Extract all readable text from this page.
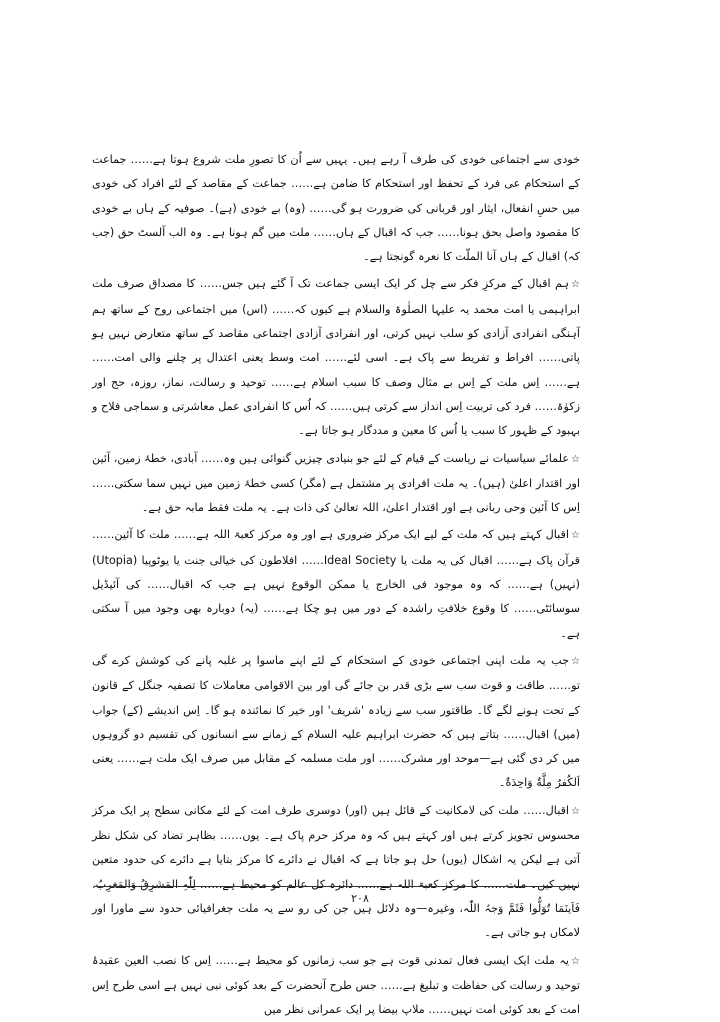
خودی سے اجتماعی خودی کی طرف آ رہے ہیں۔ یہیں سے اُن کا تصورِ ملت شروع ہوتا ہے…… جماعت کے استحکام عی فرد کے تحفظ اور استحکام کا ضامن ہے…… جماعت کے مقاصد کے لئے افراد کی خودی میں حسِ انفعال، ایثار اور قربانی کی ضرورت ہو گی…… (وہ) بے خودی (ہے)۔ صوفیہ کے ہاں بے خودی کا مقصود واصل بحق ہونا…… جب کہ اقبال کے ہاں…… ملت میں گم ہونا ہے۔ وہ الب آلسٹ حق (جب کہ) اقبال کے ہاں آنا الملّت کا نعرہ گونجتا ہے۔

☆ہم اقبال کے مرکزِ فکر سے چل کر ایک ایسی جماعت تک آ گئے ہیں جس…… کا مصداق صرف ملت ابراہیمی یا امت محمد یہ علیہا الصلٰوۃ والسلام ہے کیوں کہ…… (اس) میں اجتماعی روح کے ساتھ ہم آہنگی انفرادی آزادی کو سلب نہیں کرتی، اور انفرادی آزادی اجتماعی مقاصد کے ساتھ متعارض نہیں ہو پاتی…… افراط و تفریط سے پاک ہے۔ اسی لئے…… امت وسط یعنی اعتدال پر چلنے والی امت…… ہے…… اِس ملت کے اِس بے مثال وصف کا سبب اسلام ہے…… توحید و رسالت، نماز، روزہ، حج اور زکوٰۃ…… فرد کی تربیت اِس انداز سے کرتی ہیں…… کہ اُس کا انفرادی عمل معاشرتی و سماجی فلاح و بہبود کے ظہور کا سبب یا اُس کا معین و مددگار ہو جاتا ہے۔

☆علمائے سیاسیات نے ریاست کے قیام کے لئے جو بنیادی چیزیں گنوائی ہیں وہ…… آبادی، خطۂ زمین، آئین اور اقتدار اعلیٰ (ہیں)۔ یہ ملت افرادی پر مشتمل ہے (مگر) کسی خطۂ زمین میں نہیں سما سکتی…… اِس کا آئین وحی ربانی ہے اور اقتدار اعلیٰ، اللہ تعالیٰ کی ذات ہے۔ یہ ملت فقط مابہ حق ہے۔

☆اقبال کہتے ہیں کہ ملت کے لیے ایک مرکز ضروری ہے اور وہ مرکز کعبۃ اللہ ہے…… ملت کا آئین…… قرآن پاک ہے…… اقبال کی یہ ملت یا Ideal Society…… افلاطون کی خیالی جنت یا یوٹوپیا (Utopia) (نہیں) ہے…… کہ وہ موجود فی الخارج یا ممکن الوقوع نہیں ہے جب کہ اقبال…… کی آئیڈیل سوسائٹی…… کا وقوع خلافتِ راشدہ کے دور میں ہو چکا ہے…… (یہ) دوبارہ بھی وجود میں آ سکتی ہے۔

☆جب یہ ملت اپنی اجتماعی خودی کے استحکام کے لئے اپنے ماسوا پر غلبہ پانے کی کوشش کرے گی تو…… طاقت و قوت سب سے بڑی قدر بن جائے گی اور بین الاقوامی معاملات کا تصفیہ جنگل کے قانون کے تحت ہونے لگے گا۔ طاقتور سب سے زیادہ 'شریف' اور خیر کا نمائندہ ہو گا۔ اِس اندیشے (کے) جواب (میں) اقبال…… بتاتے ہیں کہ حضرت ابراہیم علیہ السلام کے زمانے سے انسانوں کی تقسیم دو گروہوں میں کر دی گئی ہے—موحد اور مشرک…… اور ملت مسلمہ کے مقابل میں صرف ایک ملت ہے…… یعنی اَلکُفرُ مِلَّةٌ وَاحِدَةٌ۔

☆اقبال…… ملت کی لامکانیت کے قائل ہیں (اور) دوسری طرف امت کے لئے مکانی سطح پر ایک مرکز محسوس تجویز کرتے ہیں اور کہتے ہیں کہ وہ مرکز حرم پاک ہے۔ یوں…… بظاہر تضاد کی شکل نظر آتی ہے لیکن یہ اشکال (یوں) حل ہو جاتا ہے کہ اقبال نے دائرے کا مرکز بتایا ہے دائرے کی حدود متعین نہیں کیں۔ ملت…… کا مرکز کعبۃ اللہ ہے…… دائرہ کل عالم کو محیط ہے…… لِلّٰہِ المَشرِقُ وَالمَغرِبُ، فَاَینَمَا تُوَلُّوا فَثَمَّ وَجہُ اللّٰہ، وغیرہ—وہ دلائل ہیں جن کی رو سے یہ ملت جغرافیائی حدود سے ماورا اور لامکاں ہو جاتی ہے۔

☆یہ ملت ایک ایسی فعال تمدنی قوت ہے جو سب زمانوں کو محیط ہے…… اِس کا نصب العین عقیدۂ توحید و رسالت کی حفاظت و تبلیغ ہے…… جس طرح آنحضرت کے بعد کوئی نبی نہیں ہے اسی طرح اِس امت کے بعد کوئی امت نہیں…… ملاپ بیضا پر ایک عمرانی نظر میں

۲۰۸
